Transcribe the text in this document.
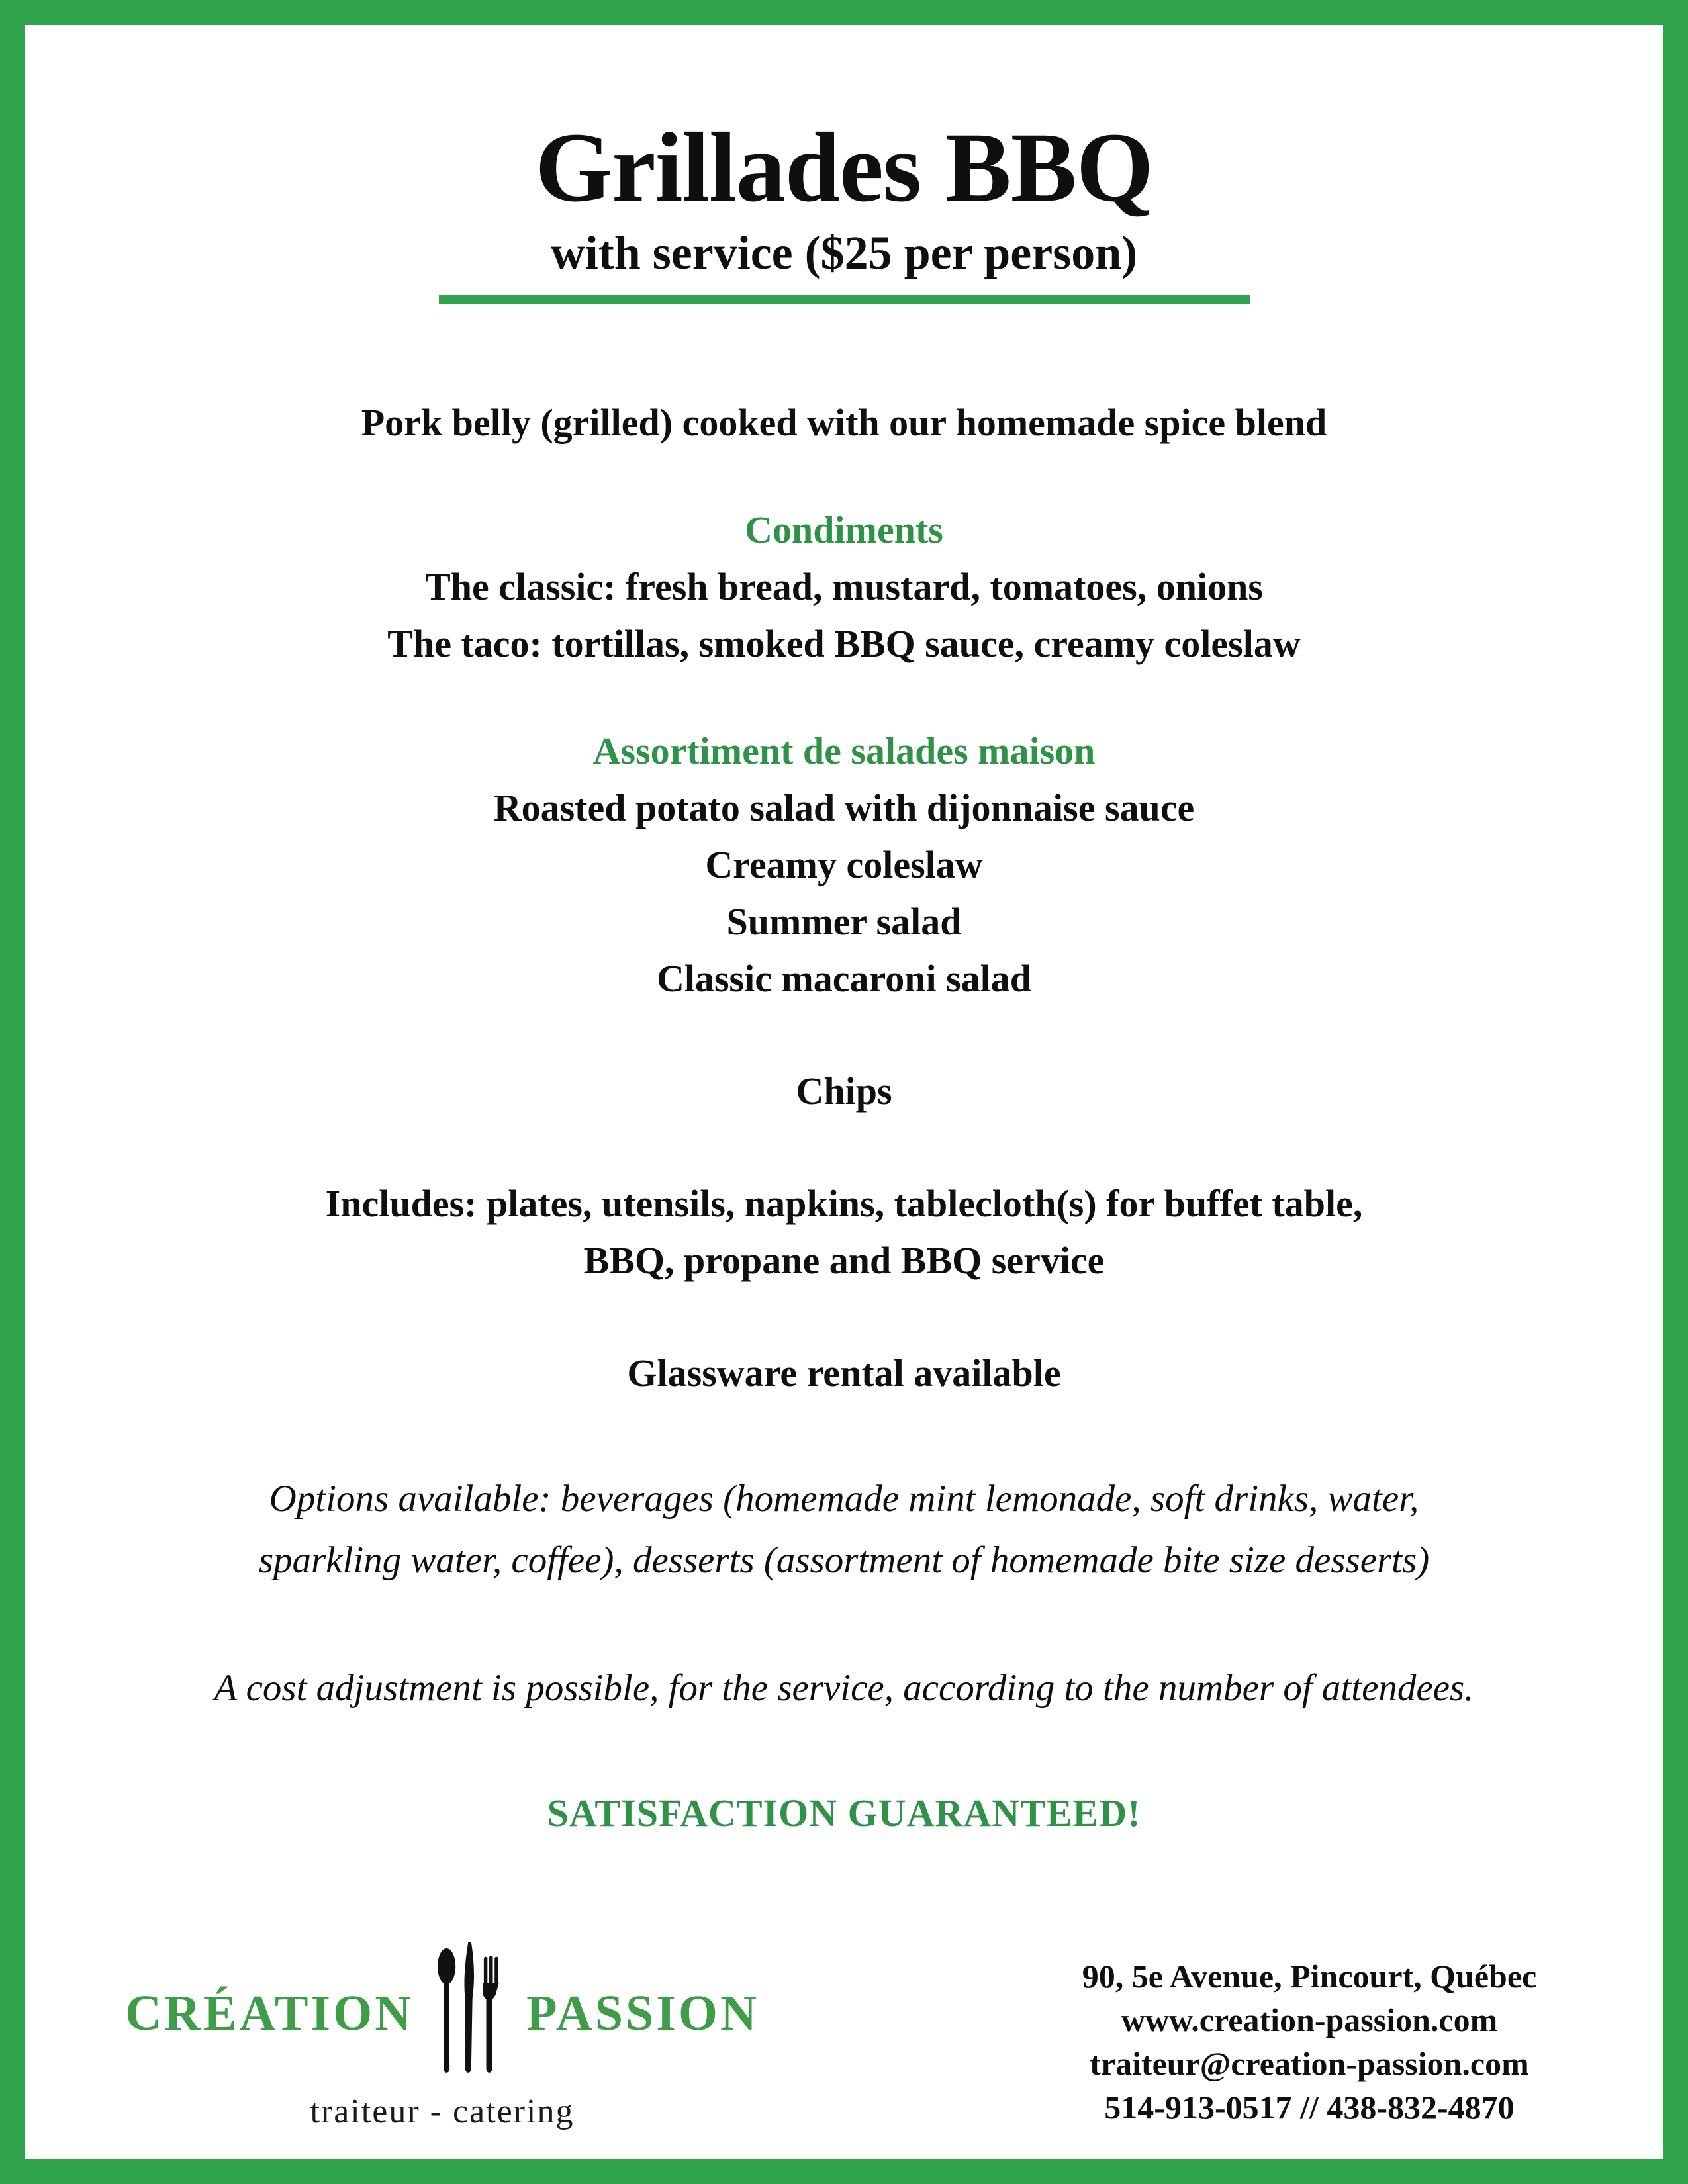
Grillades BBQ
with service ($25 per person)

Pork belly (grilled) cooked with our homemade spice blend

Condiments

The classic: fresh bread, mustard, tomatoes, onions

The taco: tortillas, smoked BBQ sauce, creamy coleslaw

Assortiment de salades maison

Roasted potato salad with dijonnaise sauce

Creamy coleslaw

Summer salad

Classic macaroni salad

Chips

Includes: plates, utensils, napkins, tablecloth(s) for buffet table,

BBQ, propane and BBQ service

Glassware rental available

Options available: beverages (homemade mint lemonade, soft drinks, water,

sparkling water, coffee), desserts (assortment of homemade bite size desserts)

A cost adjustment is possible, for the service, according to the number of attendees.

SATISFACTION GUARANTEED!

CRÉATION PASSION
traiteur - catering
90, 5e Avenue, Pincourt, Québec
www.creation-passion.com
traiteur@creation-passion.com
514-913-0517 // 438-832-4870
